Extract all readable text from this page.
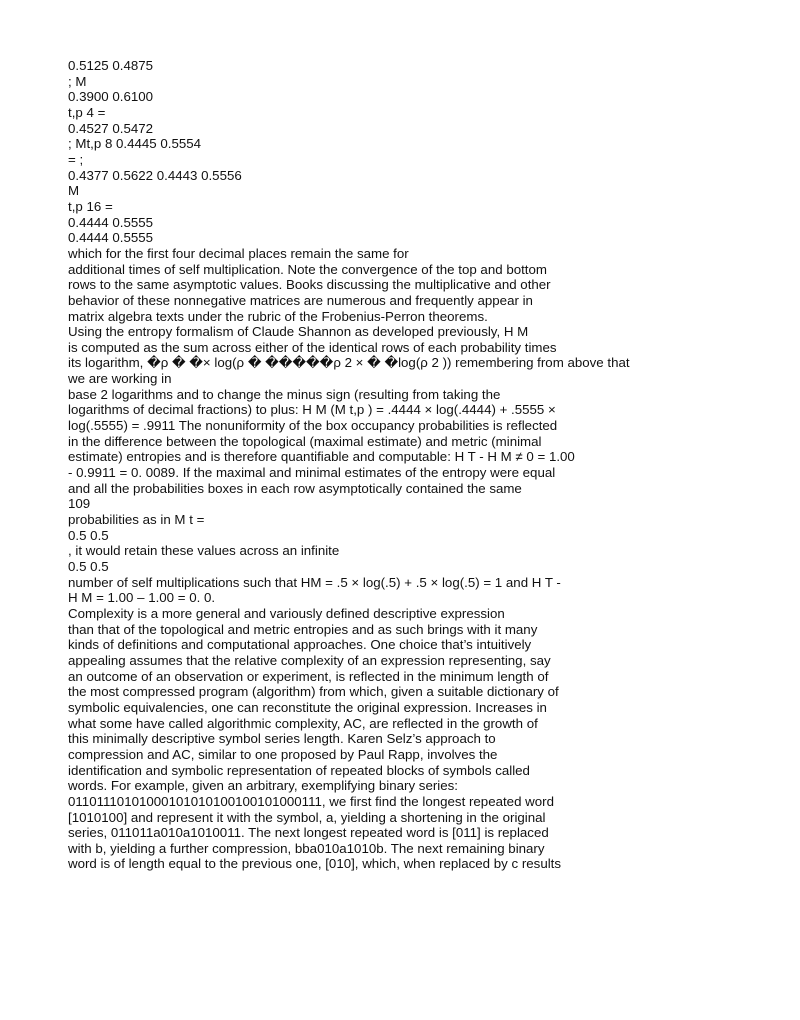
0.5125 0.4875
; M
0.3900 0.6100
t,p 4 =
0.4527 0.5472
; Mt,p 8 0.4445 0.5554
= ;
0.4377 0.5622 0.4443 0.5556
M
t,p 16 =
0.4444 0.5555
0.4444 0.5555
which for the first four decimal places remain the same for
additional times of self multiplication. Note the convergence of the top and bottom
rows to the same asymptotic values. Books discussing the multiplicative and other
behavior of these nonnegative matrices are numerous and frequently appear in
matrix algebra texts under the rubric of the Frobenius-Perron theorems.
Using the entropy formalism of Claude Shannon as developed previously, H M
is computed as the sum across either of the identical rows of each probability times
its logarithm, �ρ � �× log(ρ � �����ρ 2 × � �log(ρ 2 )) remembering from above that
we are working in
base 2 logarithms and to change the minus sign (resulting from taking the
logarithms of decimal fractions) to plus: H M (M t,p ) = .4444 × log(.4444) + .5555 ×
log(.5555) = .9911 The nonuniformity of the box occupancy probabilities is reflected
in the difference between the topological (maximal estimate) and metric (minimal
estimate) entropies and is therefore quantifiable and computable: H T - H M ≠ 0 = 1.00
- 0.9911 = 0. 0089. If the maximal and minimal estimates of the entropy were equal
and all the probabilities boxes in each row asymptotically contained the same
109
probabilities as in M t =
0.5 0.5
, it would retain these values across an infinite
0.5 0.5
number of self multiplications such that HM = .5 × log(.5) + .5 × log(.5) = 1 and H T -
H M = 1.00 – 1.00 = 0. 0.
Complexity is a more general and variously defined descriptive expression
than that of the topological and metric entropies and as such brings with it many
kinds of definitions and computational approaches. One choice that’s intuitively
appealing assumes that the relative complexity of an expression representing, say
an outcome of an observation or experiment, is reflected in the minimum length of
the most compressed program (algorithm) from which, given a suitable dictionary of
symbolic equivalencies, one can reconstitute the original expression. Increases in
what some have called algorithmic complexity, AC, are reflected in the growth of
this minimally descriptive symbol series length. Karen Selz’s approach to
compression and AC, similar to one proposed by Paul Rapp, involves the
identification and symbolic representation of repeated blocks of symbols called
words. For example, given an arbitrary, exemplifying binary series:
01101110101000101010100100101000111, we first find the longest repeated word
[1010100] and represent it with the symbol, a, yielding a shortening in the original
series, 011011a010a1010011. The next longest repeated word is [011] is replaced
with b, yielding a further compression, bba010a1010b. The next remaining binary
word is of length equal to the previous one, [010], which, when replaced by c results
